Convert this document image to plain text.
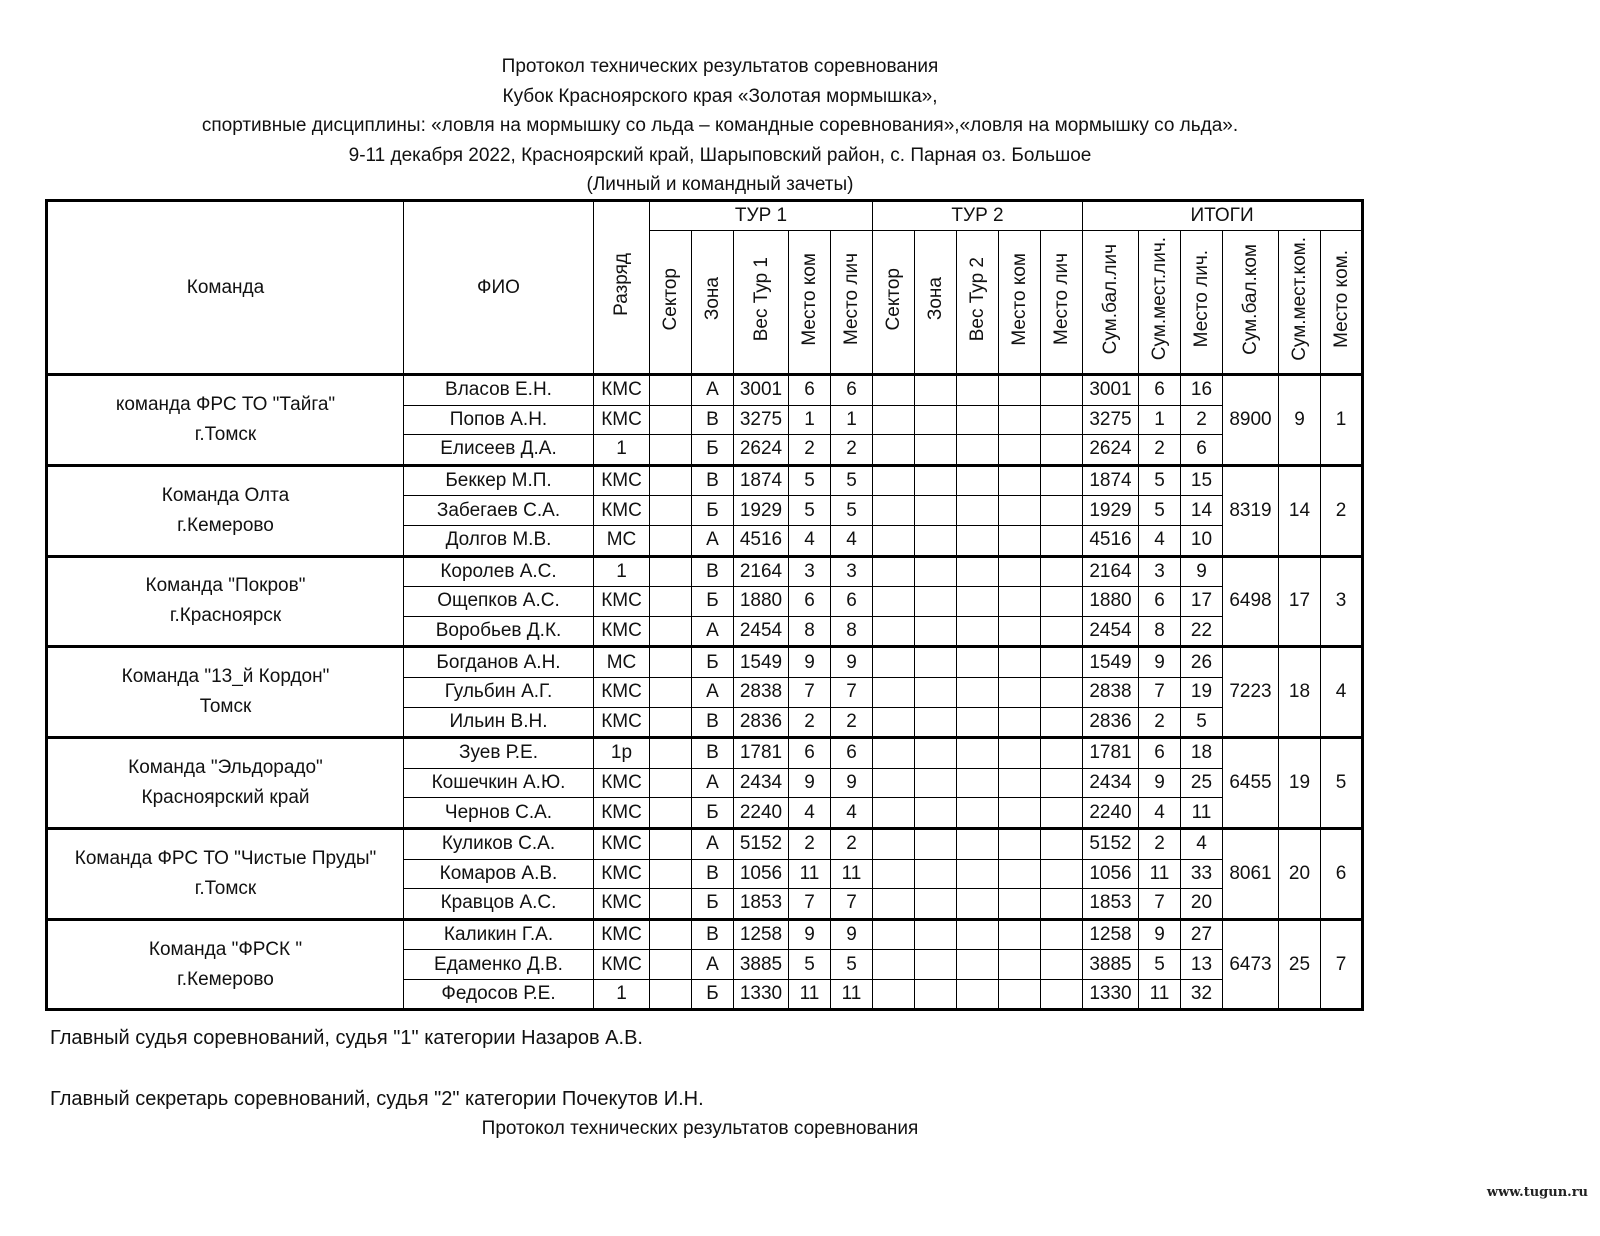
Протокол технических результатов соревнования
Кубок Красноярского края «Золотая мормышка»,
спортивные дисциплины: «ловля на мормышку со льда – командные соревнования»,«ловля на мормышку со льда».
9-11 декабря 2022, Красноярский край, Шарыповский район, с. Парная оз. Большое
(Личный и командный зачеты)
Команда	ФИО	Разряд	ТУР 1					ТУР 2					ИТОГИ					
			Сектор	Зона	Вес Тур 1	Место ком	Место лич	Сектор	Зона	Вес Тур 2	Место ком	Место лич	Сум.бал.лич	Сум.мест.лич.	Место лич.	Сум.бал.ком	Сум.мест.ком.	Место ком.

команда ФРС ТО "Тайга"
г.Томск	Власов Е.Н.	КМС		А	3001	6	6						3001	6	16	8900	9	1
	Попов А.Н.	КМС		В	3275	1	1						3275	1	2			
	Елисеев Д.А.	1		Б	2624	2	2						2624	2	6			

Команда Олта
г.Кемерово	Беккер М.П.	КМС		В	1874	5	5						1874	5	15	8319	14	2
	Забегаев С.А.	КМС		Б	1929	5	5						1929	5	14			
	Долгов М.В.	МС		А	4516	4	4						4516	4	10			

Команда "Покров"
г.Красноярск	Королев А.С.	1		В	2164	3	3						2164	3	9	6498	17	3
	Ощепков А.С.	КМС		Б	1880	6	6						1880	6	17			
	Воробьев Д.К.	КМС		А	2454	8	8						2454	8	22			

Команда "13_й Кордон"
Томск	Богданов А.Н.	МС		Б	1549	9	9						1549	9	26	7223	18	4
	Гульбин А.Г.	КМС		А	2838	7	7						2838	7	19			
	Ильин В.Н.	КМС		В	2836	2	2						2836	2	5			

Команда "Эльдорадо"
Красноярский край	Зуев Р.Е.	1р		В	1781	6	6						1781	6	18	6455	19	5
	Кошечкин А.Ю.	КМС		А	2434	9	9						2434	9	25			
	Чернов С.А.	КМС		Б	2240	4	4						2240	4	11			

Команда ФРС ТО "Чистые Пруды"
г.Томск	Куликов С.А.	КМС		А	5152	2	2						5152	2	4	8061	20	6
	Комаров А.В.	КМС		В	1056	11	11						1056	11	33			
	Кравцов А.С.	КМС		Б	1853	7	7						1853	7	20			

Команда "ФРСК "
г.Кемерово	Каликин Г.А.	КМС		В	1258	9	9						1258	9	27	6473	25	7
	Едаменко Д.В.	КМС		А	3885	5	5						3885	5	13			
	Федосов Р.Е.	1		Б	1330	11	11						1330	11	32			
Главный судья соревнований, судья "1" категории Назаров А.В.
Главный секретарь соревнований, судья "2" категории Почекутов И.Н.
Протокол технических результатов соревнования
www.tugun.ru
